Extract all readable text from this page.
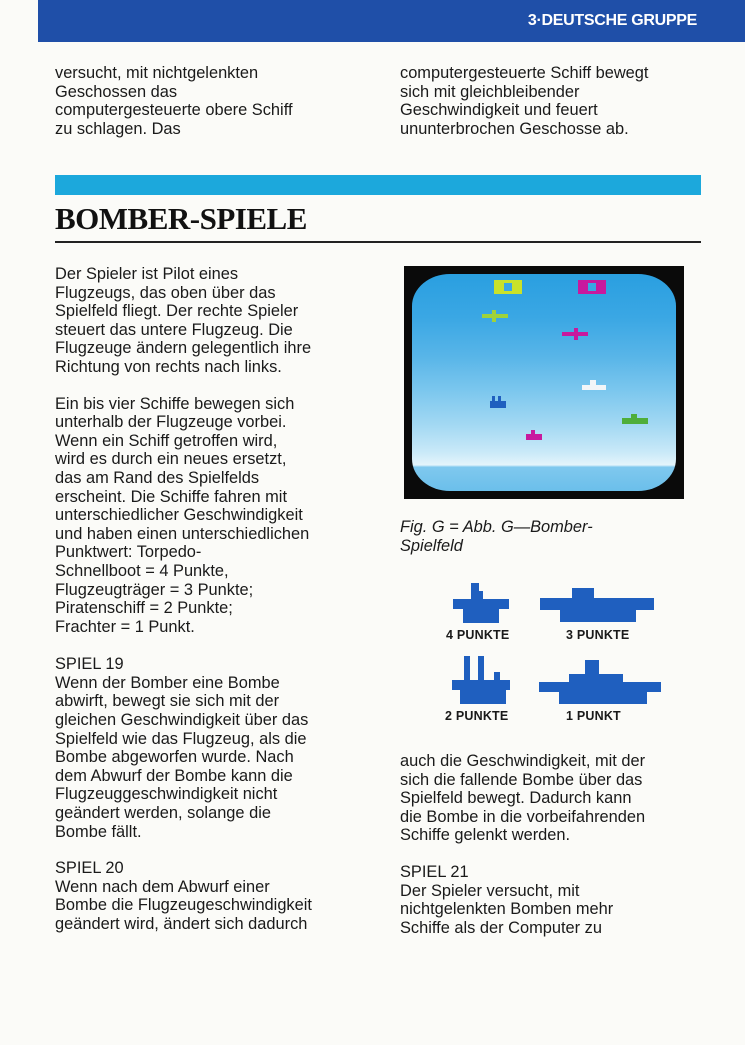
3·DEUTSCHE GRUPPE

versucht, mit nichtgelenkten
Geschossen das
computergesteuerte obere Schiff
zu schlagen. Das

computergesteuerte Schiff bewegt
sich mit gleichbleibender
Geschwindigkeit und feuert
ununterbrochen Geschosse ab.

BOMBER-SPIELE

Der Spieler ist Pilot eines
Flugzeugs, das oben über das
Spielfeld fliegt. Der rechte Spieler
steuert das untere Flugzeug. Die
Flugzeuge ändern gelegentlich ihre
Richtung von rechts nach links.

Ein bis vier Schiffe bewegen sich
unterhalb der Flugzeuge vorbei.
Wenn ein Schiff getroffen wird,
wird es durch ein neues ersetzt,
das am Rand des Spielfelds
erscheint. Die Schiffe fahren mit
unterschiedlicher Geschwindigkeit
und haben einen unterschiedlichen
Punktwert: Torpedo-
Schnellboot = 4 Punkte,
Flugzeugträger = 3 Punkte;
Piratenschiff = 2 Punkte;
Frachter = 1 Punkt.

SPIEL 19

Wenn der Bomber eine Bombe
abwirft, bewegt sie sich mit der
gleichen Geschwindigkeit über das
Spielfeld wie das Flugzeug, als die
Bombe abgeworfen wurde. Nach
dem Abwurf der Bombe kann die
Flugzeuggeschwindigkeit nicht
geändert werden, solange die
Bombe fällt.

SPIEL 20

Wenn nach dem Abwurf einer
Bombe die Flugzeugeschwindigkeit
geändert wird, ändert sich dadurch

Fig. G = Abb. G—Bomber-
Spielfeld

4 PUNKTE	3 PUNKTE
2 PUNKTE	1 PUNKT

auch die Geschwindigkeit, mit der
sich die fallende Bombe über das
Spielfeld bewegt. Dadurch kann
die Bombe in die vorbeifahrenden
Schiffe gelenkt werden.

SPIEL 21

Der Spieler versucht, mit
nichtgelenkten Bomben mehr
Schiffe als der Computer zu
